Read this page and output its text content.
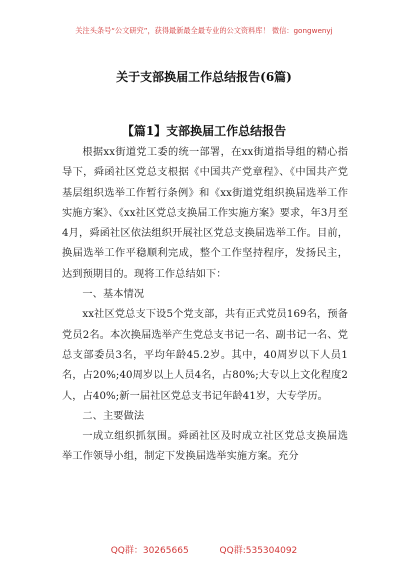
关注头条号“公文研究”，获得最新最全最专业的公文资料库！ 微信：gongwenyj
关于支部换届工作总结报告(6篇)
【篇1】支部换届工作总结报告

根据xx街道党工委的统一部署，在xx街道指导组的精心指导下，舜函社区党总支根据《中国共产党章程》、《中国共产党基层组织选举工作暂行条例》和《xx街道党组织换届选举工作实施方案》、《xx社区党总支换届工作实施方案》要求，年3月至4月，舜函社区依法组织开展社区党总支换届选举工作。目前，换届选举工作平稳顺利完成，整个工作坚持程序，发扬民主，达到预期目的。现将工作总结如下：

一、基本情况

xx社区党总支下设5个党支部，共有正式党员169名，预备党员2名。本次换届选举产生党总支书记一名、副书记一名、党总支部委员3名，平均年龄45.2岁。其中，40周岁以下人员1名，占20%;40周岁以上人员4名，占80%;大专以上文化程度2人，占40%;新一届社区党总支书记年龄41岁，大专学历。

二、主要做法

一成立组织抓氛围。舜函社区及时成立社区党总支换届选举工作领导小组，制定下发换届选举实施方案。充分

QQ群：30265665	QQ群:535304092
